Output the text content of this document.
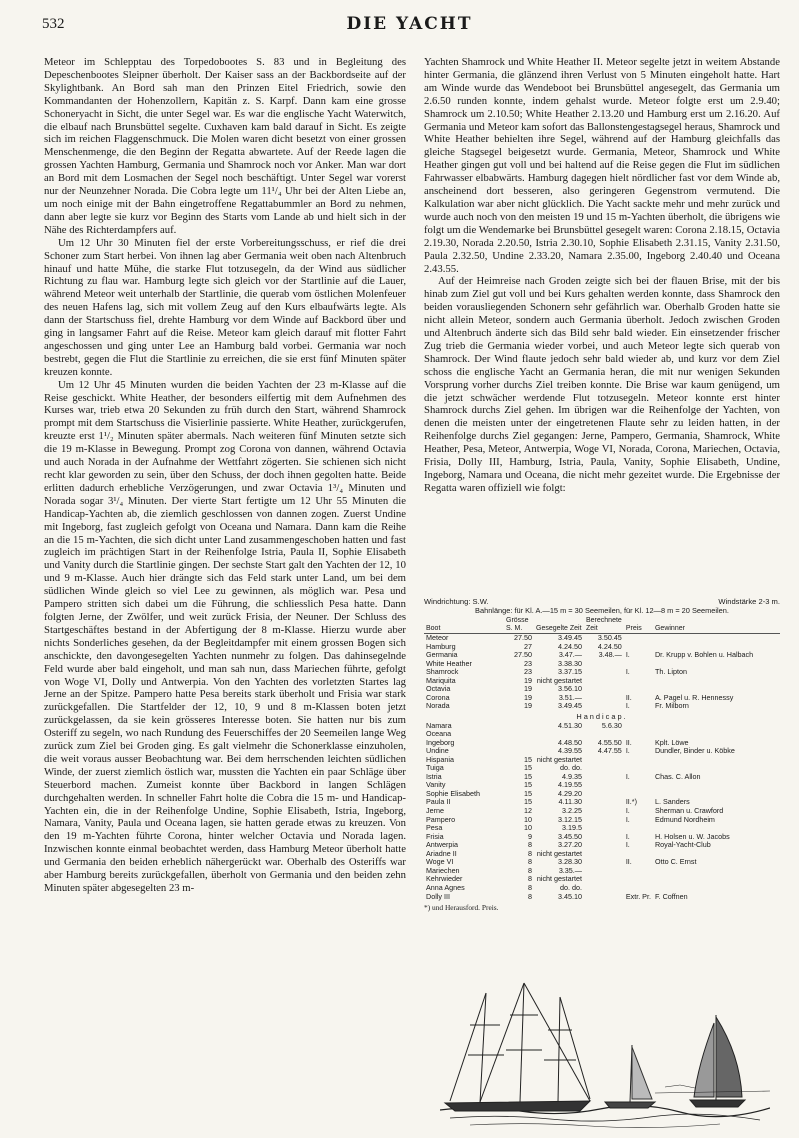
532	DIE YACHT

Meteor im Schlepptau des Torpedobootes S. 83 und in Begleitung des Depeschenbootes Sleipner überholt. Der Kaiser sass an der Backbordseite auf der Skylightbank. An Bord sah man den Prinzen Eitel Friedrich, sowie den Kommandanten der Hohenzollern, Kapitän z. S. Karpf. Dann kam eine grosse Schoneryacht in Sicht, die unter Segel war. Es war die englische Yacht Waterwitch, die elbauf nach Brunsbüttel segelte. Cuxhaven kam bald darauf in Sicht. Es zeigte sich im reichen Flaggenschmuck. Die Molen waren dicht besetzt von einer grossen Menschenmenge, die den Beginn der Regatta abwartete. Auf der Reede lagen die grossen Yachten Hamburg, Germania und Shamrock noch vor Anker. Man war dort an Bord mit dem Losmachen der Segel noch beschäftigt. Unter Segel war vorerst nur der Neunzehner Norada. Die Cobra legte um 11¹/₄ Uhr bei der Alten Liebe an, um noch einige mit der Bahn eingetroffene Regattabummler an Bord zu nehmen, dann aber legte sie kurz vor Beginn des Starts vom Lande ab und hielt sich in der Nähe des Richterdampfers auf.

Um 12 Uhr 30 Minuten fiel der erste Vorbereitungsschuss, er rief die drei Schoner zum Start herbei. Von ihnen lag aber Germania weit oben nach Altenbruch hinauf und hatte Mühe, die starke Flut totzusegeln, da der Wind aus südlicher Richtung zu flau war. Hamburg legte sich gleich vor der Startlinie auf die Lauer, während Meteor weit unterhalb der Startlinie, die querab vom östlichen Molenfeuer des neuen Hafens lag, sich mit vollem Zeug auf den Kurs elbaufwärts legte. Als dann der Startschuss fiel, drehte Hamburg vor dem Winde auf Backbord über und ging in langsamer Fahrt auf die Reise. Meteor kam gleich darauf mit flotter Fahrt angeschossen und ging unter Lee an Hamburg bald vorbei. Germania war noch bestrebt, gegen die Flut die Startlinie zu erreichen, die sie erst fünf Minuten später kreuzen konnte.

Um 12 Uhr 45 Minuten wurden die beiden Yachten der 23 m-Klasse auf die Reise geschickt. White Heather, der besonders eilfertig mit dem Aufnehmen des Kurses war, trieb etwa 20 Sekunden zu früh durch den Start, während Shamrock prompt mit dem Startschuss die Visierlinie passierte. White Heather, zurückgerufen, kreuzte erst 1¹/₂ Minuten später abermals. Nach weiteren fünf Minuten setzte sich die 19 m-Klasse in Bewegung. Prompt zog Corona von dannen, während Octavia und auch Norada in der Aufnahme der Wettfahrt zögerten. Sie schienen sich nicht recht klar geworden zu sein, über den Schuss, der doch ihnen gegolten hatte. Beide erlitten dadurch erhebliche Verzögerungen, und zwar Octavia 1³/₄ Minuten und Norada sogar 3¹/₄ Minuten. Der vierte Start fertigte um 12 Uhr 55 Minuten die Handicap-Yachten ab, die ziemlich geschlossen von dannen zogen. Zuerst Undine mit Ingeborg, fast zugleich gefolgt von Oceana und Namara. Dann kam die Reihe an die 15 m-Yachten, die sich dicht unter Land zusammengeschoben hatten und fast zugleich im prächtigen Start in der Reihenfolge Istria, Paula II, Sophie Elisabeth und Vanity durch die Startlinie gingen. Der sechste Start galt den Yachten der 12, 10 und 9 m-Klasse. Auch hier drängte sich das Feld stark unter Land, um bei dem südlichen Winde gleich so viel Lee zu gewinnen, als möglich war. Pesa und Pampero stritten sich dabei um die Führung, die schliesslich Pesa hatte. Dann folgten Jerne, der Zwölfer, und weit zurück Frisia, der Neuner. Der Schluss des Startgeschäftes bestand in der Abfertigung der 8 m-Klasse. Hierzu wurde aber nichts Sonderliches gesehen, da der Begleitdampfer mit einem grossen Bogen sich anschickte, den davongesegelten Yachten nunmehr zu folgen. Das dahinsegelnde Feld wurde aber bald eingeholt, und man sah nun, dass Mariechen führte, gefolgt von Woge VI, Dolly und Antwerpia. Von den Yachten des vorletzten Startes lag Jerne an der Spitze. Pampero hatte Pesa bereits stark überholt und Frisia war stark zurückgefallen. Die Startfelder der 12, 10, 9 und 8 m-Klassen boten jetzt zurückgelassen, da sie kein grösseres Interesse boten. Sie hatten nur bis zum Osteriff zu segeln, wo nach Rundung des Feuerschiffes der 20 Seemeilen lange Weg zurück zum Ziel bei Groden ging. Es galt vielmehr die Schonerklasse einzuholen, die weit voraus ausser Beobachtung war. Bei dem herrschenden leichten südlichen Winde, der zuerst ziemlich östlich war, mussten die Yachten ein paar Schläge über Steuerbord machen. Zumeist konnte über Backbord in langen Schlägen durchgehalten werden. In schneller Fahrt holte die Cobra die 15 m- und Handicap-Yachten ein, die in der Reihenfolge Undine, Sophie Elisabeth, Istria, Ingeborg, Namara, Vanity, Paula und Oceana lagen, sie hatten gerade etwas zu kreuzen. Von den 19 m-Yachten führte Corona, hinter welcher Octavia und Norada lagen. Inzwischen konnte einmal beobachtet werden, dass Hamburg Meteor überholt hatte und Germania den beiden erheblich nähergerückt war. Oberhalb des Osteriffs war aber Hamburg bereits zurückgefallen, überholt von Germania und den beiden zehn Minuten später abgesegelten 23 m-

Yachten Shamrock und White Heather II. Meteor segelte jetzt in weitem Abstande hinter Germania, die glänzend ihren Verlust von 5 Minuten eingeholt hatte. Hart am Winde wurde das Wendeboot bei Brunsbüttel angesegelt, das Germania um 2.6.50 runden konnte, indem gehalst wurde. Meteor folgte erst um 2.9.40; Shamrock um 2.10.50; White Heather 2.13.20 und Hamburg erst um 2.16.20. Auf Germania und Meteor kam sofort das Ballonstengestagsegel heraus, Shamrock und White Heather behielten ihre Segel, während auf der Hamburg gleichfalls das gleiche Stagsegel beigesetzt wurde. Germania, Meteor, Shamrock und White Heather gingen gut voll und bei haltend auf die Reise gegen die Flut im südlichen Fahrwasser elbabwärts. Hamburg dagegen hielt nördlicher fast vor dem Winde ab, anscheinend dort besseren, also geringeren Gegenstrom vermutend. Die Kalkulation war aber nicht glücklich. Die Yacht sackte mehr und mehr zurück und wurde auch noch von den meisten 19 und 15 m-Yachten überholt, die übrigens wie folgt um die Wendemarke bei Brunsbüttel gesegelt waren: Corona 2.18.15, Octavia 2.19.30, Norada 2.20.50, Istria 2.30.10, Sophie Elisabeth 2.31.15, Vanity 2.31.50, Paula 2.32.50, Undine 2.33.20, Namara 2.35.00, Ingeborg 2.40.40 und Oceana 2.43.55.

Auf der Heimreise nach Groden zeigte sich bei der flauen Brise, mit der bis hinab zum Ziel gut voll und bei Kurs gehalten werden konnte, dass Shamrock den beiden vorausliegenden Schonern sehr gefährlich war. Oberhalb Groden hatte sie nicht allein Meteor, sondern auch Germania überholt. Jedoch zwischen Groden und Altenbruch änderte sich das Bild sehr bald wieder. Ein einsetzender frischer Zug trieb die Germania wieder vorbei, und auch Meteor legte sich querab von Shamrock. Der Wind flaute jedoch sehr bald wieder ab, und kurz vor dem Ziel schoss die englische Yacht an Germania heran, die mit nur wenigen Sekunden Vorsprung vorher durchs Ziel treiben konnte. Die Brise war kaum genügend, um die jetzt schwächer werdende Flut totzusegeln. Meteor konnte erst hinter Shamrock durchs Ziel gehen. Im übrigen war die Reihenfolge der Yachten, von denen die meisten unter der eingetretenen Flaute sehr zu leiden hatten, in der Reihenfolge durchs Ziel gegangen: Jerne, Pampero, Germania, Shamrock, White Heather, Pesa, Meteor, Antwerpia, Woge VI, Norada, Corona, Mariechen, Octavia, Frisia, Dolly III, Hamburg, Istria, Paula, Vanity, Sophie Elisabeth, Undine, Ingeborg, Namara und Oceana, die nicht mehr gezeitet wurde. Die Ergebnisse der Regatta waren offiziell wie folgt:

Windrichtung: S.W.	Windstärke 2-3 m.
Bahnlänge: für Kl. A.—15 m = 30 Seemeilen, für Kl. 12—8 m = 20 Seemeilen.
Boot	Grösse S. M.	Gesegelte Zeit	Berechnete Zeit	Preis	Gewinner
Meteor	27.50	3.49.45	3.50.45		
Hamburg	27	4.24.50	4.24.50		
Germania	27.50	3.47.—	3.48.—	I.	Dr. Krupp v. Bohlen u. Halbach
White Heather	23	3.38.30			
Shamrock	23	3.37.15		I.	Th. Lipton
Mariquita	19	nicht gestartet			
Octavia	19	3.56.10			
Corona	19	3.51.—		II.	A. Pagel u. R. Hennessy
Norada	19	3.49.45		I.	Fr. Milborn
Handicap.					
Namara		4.51.30	5.6.30		
Oceana					
Ingeborg		4.48.50	4.55.50	II.	Kplt. Löwe
Undine		4.39.55	4.47.55	I.	Dundler, Binder u. Köbke
Hispania	15	nicht gestartet			
Tuiga	15	do. do.			
Istria	15	4.9.35		I.	Chas. C. Allon
Vanity	15	4.19.55			
Sophie Elisabeth	15	4.29.20			
Paula II	15	4.11.30		II.*)	L. Sanders
Jerne	12	3.2.25		I.	Sherman u. Crawford
Pampero	10	3.12.15		I.	Edmund Nordheim
Pesa	10	3.19.5			
Frisia	9	3.45.50		I.	H. Holsen u. W. Jacobs
Antwerpia	8	3.27.20		I.	Royal-Yacht-Club
Ariadne II	8	nicht gestartet			
Woge VI	8	3.28.30		II.	Otto C. Ernst
Mariechen	8	3.35.—			
Kehrwieder	8	nicht gestartet			
Anna Agnes	8	do. do.			
Dolly III	8	3.45.10		Extr. Pr.	F. Coffnen
*) und Herausford. Preis.
